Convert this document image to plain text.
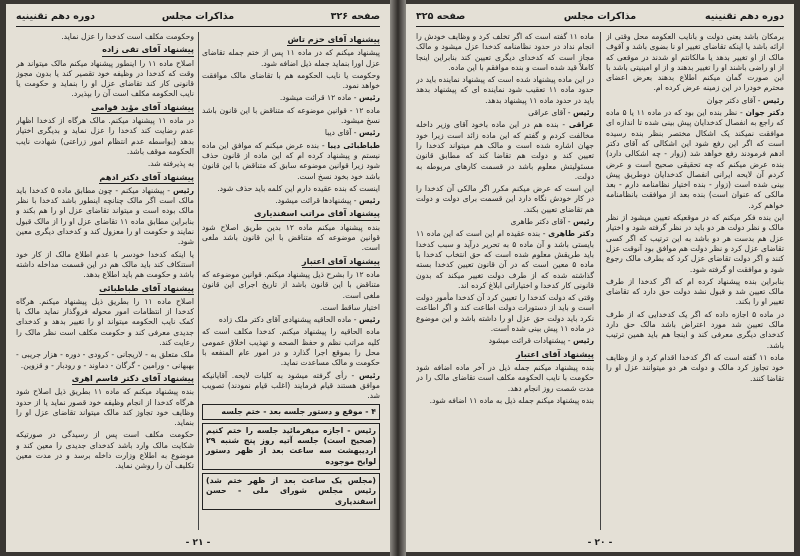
صفحه ۳۲۶
مذاکرات مجلس
دوره دهم تقنینیه
پیشنهاد آقای حزم تاش

پیشنهاد میکنم که در ماده ۱۱ پس از ختم جمله تقاضای عزل اورا بنماید جمله ذیل اضافه شود.

وحکومت یا نایب الحکومه هم با تقاضای مالک موافقت خواهد نمود.

رئیس - ماده ۱۲ قرائت میشود.

ماده ۱۲ - قوانین موضوعه که متناقض با این قانون باشد نسخ میشود.

رئیس - آقای دیبا

طباطبائی دیبا - بنده عرض میکنم که موافق این ماده نیستم و پیشنهاد کرده ام که این ماده از قانون حذف شود زیرا قوانین موضوعه سابق که متناقض با این قانون باشد خود بخود نسخ است.

اینست که بنده عقیده دارم این کلمه باید حذف شود.

رئیس - پیشنهادها قرائت میشود.

پیشنهاد آقای مراتب اسفندیاری

بنده پیشنهاد میکنم ماده ۱۲ بدین طریق اصلاح شود قوانین موضوعه که متناقض با این قانون باشد ملغی است.

پیشنهاد آقای اعتبار

ماده ۱۲ را بشرح ذیل پیشنهاد میکنم. قوانین موضوعه که متناقض با این قانون باشد از تاریخ اجرای این قانون ملغی است.

اختیار ساقط است.

رئیس - ماده الحاقیه پیشنهادی آقای دکتر ملک زاده

ماده الحاقیه را پیشنهاد میکنم. کدخدا مکلف است که کلیه مراتب نظم و حفظ الصحه و تهذیب اخلاق عمومی محل را بموقع اجرا گذارد و در امور عام المنفعه با حکومت و مالک مساعدت نماید.

رئیس - رأی گرفته میشود به کلیات لایحه. آقایانیکه موافق هستند قیام فرمایند (اغلب قیام نمودند) تصویب شد.

۴ - موقع و دستور جلسه بعد - ختم جلسه
رئیس - اجازه میفرمائید جلسه را ختم کنیم (صحیح است) جلسه آتیه روز پنج شنبه ۲۹ اردیبهشت سه ساعت بعد از ظهر دستور لوایح موجوده
(مجلس یک ساعت بعد از ظهر ختم شد) رئیس مجلس شورای ملی - حسن اسفندیاری

وحکومت مکلف است کدخدا را عزل نماید.

پیشنهاد آقای تقی زاده

اصلاح ماده ۱۱ را اینطور پیشنهاد میکنم مالک میتواند هر وقت که کدخدا در وظیفه خود تقصیر کند یا بدون مجوز قانونی کار کند تقاضای عزل او را بنماید و حکومت یا نایب الحکومه مکلف است آن را بپذیرد.

پیشنهاد آقای مؤید قوامی

در ماده ۱۱ پیشنهاد میکنم. مالک هرگاه از کدخدا اظهار عدم رضایت کند کدخدا را عزل نماید و بدیگری اختیار بدهد (بواسطه عدم انتظام امور زراعتی) شهادت نایب الحکومه موقف باشد.

به پذیرفته شد.

پیشنهاد آقای دکتر ادهم

رئیس - پیشنهاد میکنم - چون مطابق ماده ۵ کدخدا باید مالک است اگر مالک چنانچه اینطور باشد کدخدا با نظر مالک بوده است و میتواند تقاضای عزل او را هم بکند و بنابراین مطابق ماده ۱۱ تقاضای عزل او را از مالک قبول نمایند و حکومت او را معزول کند و کدخدای دیگری معین شود.

یا اینکه کدخدا خودسر با عدم اطلاع مالک از کار خود استنکاف کند باید مالک هم در این قسمت مداخله داشته باشد و حکومت هم باید اطلاع بدهد.

پیشنهاد آقای طباطبائی

اصلاح ماده ۱۱ را بطریق ذیل پیشنهاد میکنم. هرگاه کدخدا از انتظامات امور محوله فروگذار نماید مالک با کمک نایب الحکومه میتواند او را تغییر بدهد و کدخدای جدیدی معرفی کند و حکومت مکلف است نظر مالک را رعایت کند.

ملک متعلق به - لاریجانی - کرودی - دوره - هزار جریبی - بهبهانی - ورامین - گرگان - دماوند - و رودبار - و قزوین.

پیشنهاد آقای دکتر قاسم اهری

بنده پیشنهاد میکنم که ماده ۱۱ بطریق ذیل اصلاح شود هرگاه کدخدا از انجام وظیفه خود قصور نماید یا از حدود وظایف خود تجاوز کند مالک میتواند تقاضای عزل او را بنماید.

حکومت مکلف است پس از رسیدگی در صورتیکه شکایت مالک وارد باشد کدخدای جدیدی را معین کند و موضوع به اطلاع وزارت داخله برسد و در مدت معین تکلیف آن را روشن نماید.

- ۲۱ -
دوره دهم تقنینیه
مذاکرات مجلس
صفحه ۳۲۵

برمکان باشد یعنی دولت و بانایب العکومه محل وقتی از ارائه باشد یا اینکه تقاضای تغییر او نا بضوی باشد و آقوف مالک از او تغییر بدهد یا مالکانتم او شدند در موقعی که از او راضی باشند او را تغییر بدهند و از او امینیتی باشد با این صورت گمان میکنم اطلاع بدهند بعرض اعضای محترم خودرا در این زمینه عرض کرده ام.

رئیس - آقای دکتر جوان

دکتر جوان - نظر بنده این بود که در ماده ۱۱ یا ۵ ماده که راجع به انفصال کدخدایان پیش بینی شده تا اندازه ای موافقت نمیکند یک اشکال مختصر بنظر بنده رسیده است که اگر این رفع شود این اشکالی که آقای دکتر ادهم فرمودند رفع خواهد شد (زوار - چه اشکالی دارد) بنده عرض میکنم که چه تحقیقی صحیح است و عرض کردم آن لایحه ایرانی انفصال کدخدایان دوطریق پیش بینی شده است (زوار - بنده اختیار نظامنامه دارم - بعد مالکی که عنوان است) بنده بعد از موافقت بانظامنامه خواهم کرد.

این بنده فکر میکنم که در موقعیکه تعیین میشود از نظر مالک و نظر دولت هر دو باید در نظر گرفته شود و اختیار عزل هم بدست هر دو باشد به این ترتیب که اگر کسی تقاضای عزل کرد و نظر دولت هم موافق بود آنوقت عزل کنند و اگر دولت تقاضای عزل کرد که بطرف مالک رجوع شود و موافقت او گرفته شود.

بنابراین بنده پیشنهاد کرده ام که اگر کدخدا از طرف مالک تعیین شد و قبول نشد دولت حق دارد که تقاضای تغییر او را بکند.

در ماده ۵ اجازه داده که اگر یک کدخدایی که از طرف مالک تعیین شد مورد اعتراض باشد مالک حق دارد کدخدای دیگری معرفی کند و اینجا هم باید همین ترتیب باشد.

ماده ۱۱ گفته است که اگر کدخدا اقدام کرد و از وظایف خود تجاوز کرد مالک و دولت هر دو میتوانند عزل او را تقاضا کنند.

ماده ۱۱ گفته است که اگر تخلف کرد و وظایف خودش را انجام نداد در حدود نظامنامه کدخدا عزل میشود و مالک مجاز است که کدخدای دیگری تعیین کند بنابراین اینجا کاملاً قید شده است و بنده موافقم با این ماده.

در این ماده پیشنهاد شده است که پیشنهاد نماینده باید در حدود ماده ۱۱ تعقیب شود نماینده ای که پیشنهاد بدهد باید در حدود ماده ۱۱ پیشنهاد بدهد.

رئیس - آقای عراقی

عراقی - بنده هم در این ماده باخود آقای وزیر داخله مخالفت کردم و گفتم که این ماده زائد است زیرا خود جهان اشاره شده است و مالک هم میتواند کدخدا را تعیین کند و دولت هم تقاضا کند که مطابق قانون مسئولیتش معلوم باشد در قسمت کارهای مربوطه به دولت.

این است که عرض میکنم مکرر اگر مالکی آن کدخدا را در کار خودش نگاه دارد این قسمت برای دولت و دولت هم تقاضای تعیین بکند.

رئیس - آقای دکتر طاهری

دکتر طاهری - بنده عقیده ام این است که این ماده ۱۱ بایستی باشد و آن ماده ۵ به تحریر درآید و سبب کدخدا باید طریقش معلوم شده است که حق انتخاب کدخدا با ماده ۵ معین است که در آن قانون تعیین کدخدا بسته گذاشته شده که از طرف دولت تغییر میکند که بدون قانونی کار کدخدا و اختیاراتی ابلاغ کرده اند.

وقتی که دولت کدخدا را تعیین کرد آن کدخدا مأمور دولت است و باید از دستورات دولت اطاعت کند و اگر اطاعت نکرد باید دولت حق عزل او را داشته باشد و این موضوع در ماده ۱۱ پیش بینی شده است.

رئیس - پیشنهادات قرائت میشود

پیشنهاد آقای اعتبار

بنده پیشنهاد میکنم جمله ذیل در آخر ماده اضافه شود حکومت با نایب الحکومه مکلف است تقاضای مالک را در مدت شصت روز انجام دهد.

بنده پیشنهاد میکنم جمله ذیل به ماده ۱۱ اضافه شود.

- ۲۰ -
